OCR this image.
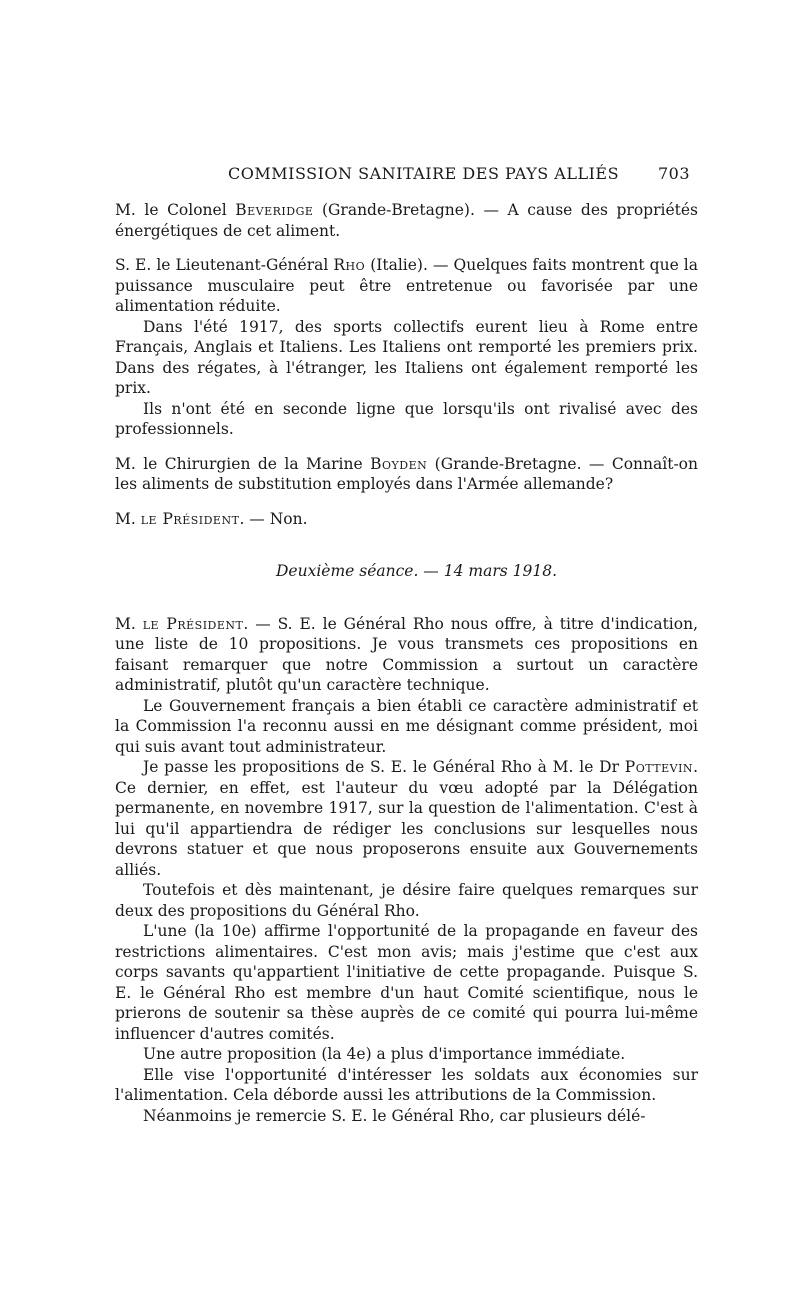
COMMISSION SANITAIRE DES PAYS ALLIÉS 703

M. le Colonel Beveridge (Grande-Bretagne). — A cause des propriétés énergétiques de cet aliment.

S. E. le Lieutenant-Général Rho (Italie). — Quelques faits montrent que la puissance musculaire peut être entretenue ou favorisée par une alimentation réduite.

Dans l'été 1917, des sports collectifs eurent lieu à Rome entre Français, Anglais et Italiens. Les Italiens ont remporté les premiers prix. Dans des régates, à l'étranger, les Italiens ont également remporté les prix.

Ils n'ont été en seconde ligne que lorsqu'ils ont rivalisé avec des professionnels.

M. le Chirurgien de la Marine Boyden (Grande-Bretagne. — Connaît-on les aliments de substitution employés dans l'Armée allemande?

M. le Président. — Non.

Deuxième séance. — 14 mars 1918.

M. le Président. — S. E. le Général Rho nous offre, à titre d'indication, une liste de 10 propositions. Je vous transmets ces propositions en faisant remarquer que notre Commission a surtout un caractère administratif, plutôt qu'un caractère technique.

Le Gouvernement français a bien établi ce caractère administratif et la Commission l'a reconnu aussi en me désignant comme président, moi qui suis avant tout administrateur.

Je passe les propositions de S. E. le Général Rho à M. le Dr Pottevin. Ce dernier, en effet, est l'auteur du vœu adopté par la Délégation permanente, en novembre 1917, sur la question de l'alimentation. C'est à lui qu'il appartiendra de rédiger les conclusions sur lesquelles nous devrons statuer et que nous proposerons ensuite aux Gouvernements alliés.

Toutefois et dès maintenant, je désire faire quelques remarques sur deux des propositions du Général Rho.

L'une (la 10e) affirme l'opportunité de la propagande en faveur des restrictions alimentaires. C'est mon avis; mais j'estime que c'est aux corps savants qu'appartient l'initiative de cette propagande. Puisque S. E. le Général Rho est membre d'un haut Comité scientifique, nous le prierons de soutenir sa thèse auprès de ce comité qui pourra lui-même influencer d'autres comités.

Une autre proposition (la 4e) a plus d'importance immédiate.

Elle vise l'opportunité d'intéresser les soldats aux économies sur l'alimentation. Cela déborde aussi les attributions de la Commission.

Néanmoins je remercie S. E. le Général Rho, car plusieurs délé-
